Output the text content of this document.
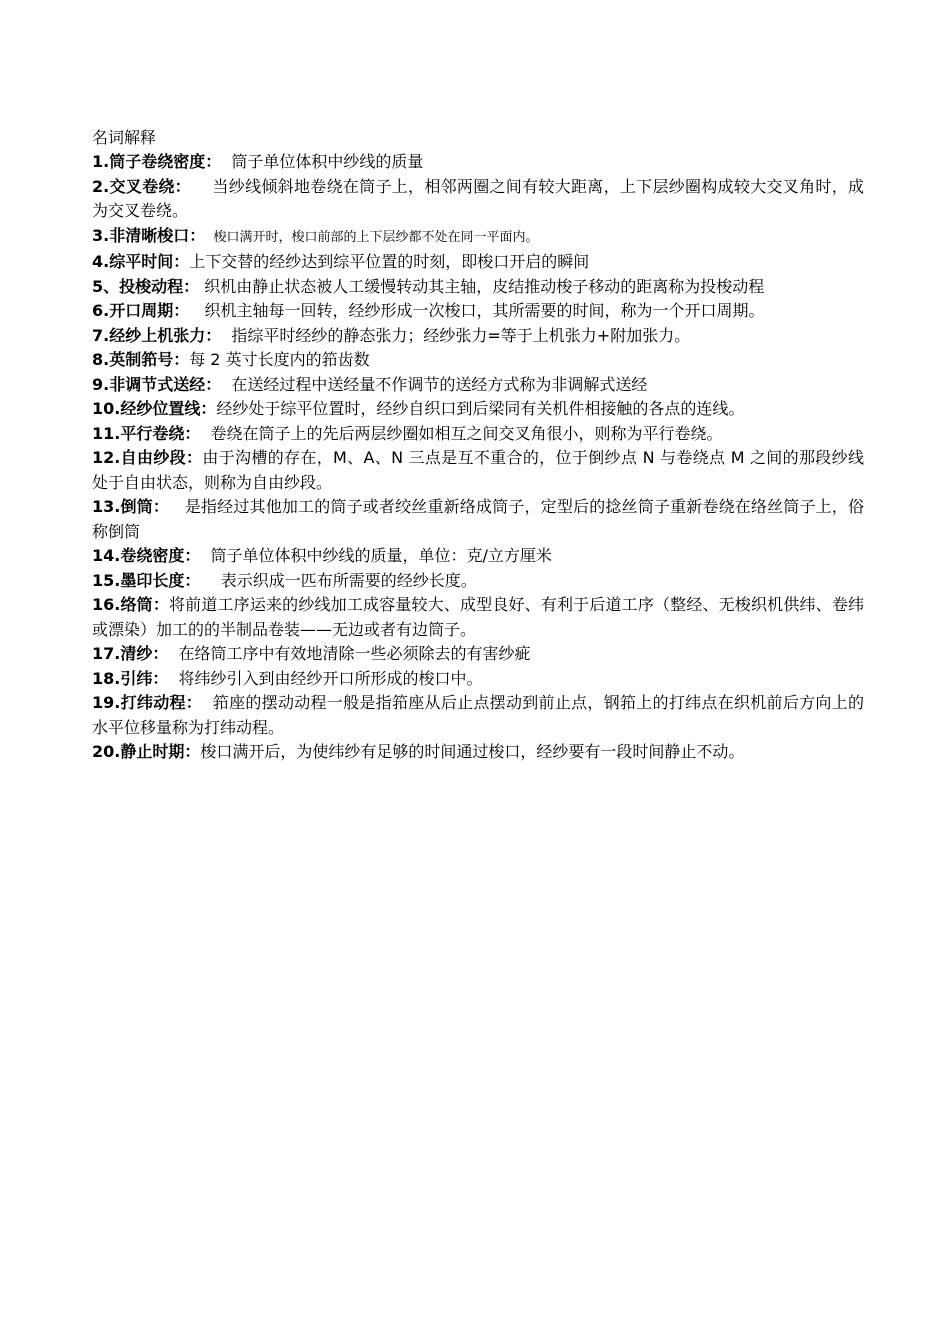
名词解释

1.筒子卷绕密度：  筒子单位体积中纱线的质量

2.交叉卷绕：    当纱线倾斜地卷绕在筒子上，相邻两圈之间有较大距离，上下层纱圈构成较大交叉角时，成为交叉卷绕。

3.非清晰梭口：  梭口满开时，梭口前部的上下层纱都不处在同一平面内。

4.综平时间：上下交替的经纱达到综平位置的时刻，即梭口开启的瞬间

5、投梭动程： 织机由静止状态被人工缓慢转动其主轴，皮结推动梭子移动的距离称为投梭动程

6.开口周期：   织机主轴每一回转，经纱形成一次梭口，其所需要的时间，称为一个开口周期。

7.经纱上机张力：  指综平时经纱的静态张力；经纱张力=等于上机张力+附加张力。

8.英制筘号：每 2 英寸长度内的筘齿数

9.非调节式送经：  在送经过程中送经量不作调节的送经方式称为非调解式送经

10.经纱位置线：经纱处于综平位置时，经纱自织口到后梁同有关机件相接触的各点的连线。

11.平行卷绕：  卷绕在筒子上的先后两层纱圈如相互之间交叉角很小，则称为平行卷绕。

12.自由纱段：由于沟槽的存在，M、A、N 三点是互不重合的，位于倒纱点 N 与卷绕点 M 之间的那段纱线处于自由状态，则称为自由纱段。

13.倒筒：   是指经过其他加工的筒子或者绞丝重新络成筒子，定型后的捻丝筒子重新卷绕在络丝筒子上，俗称倒筒

14.卷绕密度：  筒子单位体积中纱线的质量，单位：克/立方厘米

15.墨印长度：    表示织成一匹布所需要的经纱长度。

16.络筒：将前道工序运来的纱线加工成容量较大、成型良好、有利于后道工序（整经、无梭织机供纬、卷纬或漂染）加工的的半制品卷装——无边或者有边筒子。

17.清纱：  在络筒工序中有效地清除一些必须除去的有害纱疵

18.引纬：  将纬纱引入到由经纱开口所形成的梭口中。

19.打纬动程：  筘座的摆动动程一般是指筘座从后止点摆动到前止点，钢筘上的打纬点在织机前后方向上的水平位移量称为打纬动程。

20.静止时期：梭口满开后，为使纬纱有足够的时间通过梭口，经纱要有一段时间静止不动。
